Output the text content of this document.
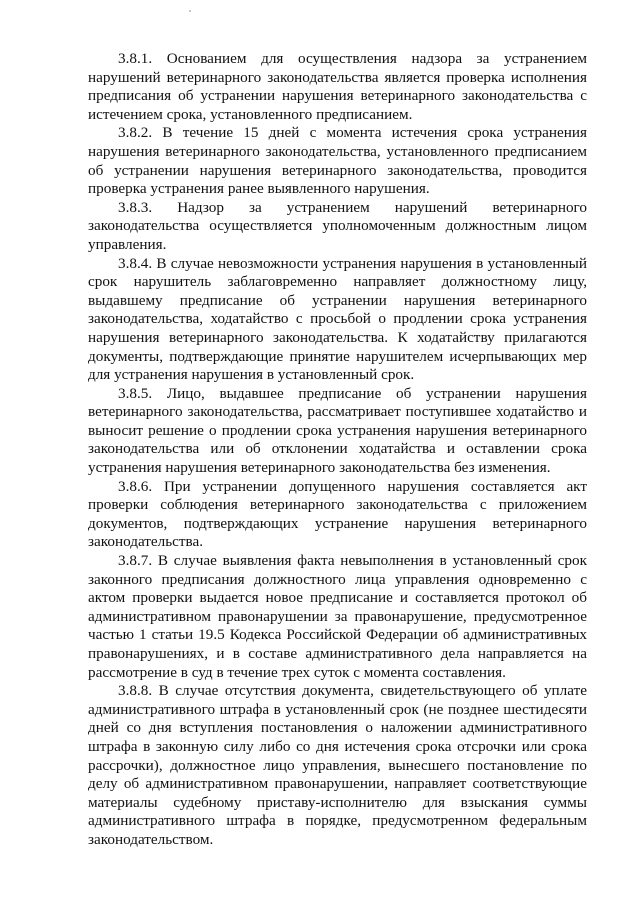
3.8.1. Основанием для осуществления надзора за устранением нарушений ветеринарного законодательства является проверка исполнения предписания об устранении нарушения ветеринарного законодательства с истечением срока, установленного предписанием.

3.8.2. В течение 15 дней с момента истечения срока устранения нарушения ветеринарного законодательства, установленного предписанием об устранении нарушения ветеринарного законодательства, проводится проверка устранения ранее выявленного нарушения.

3.8.3. Надзор за устранением нарушений ветеринарного законодательства осуществляется уполномоченным должностным лицом управления.

3.8.4. В случае невозможности устранения нарушения в установленный срок нарушитель заблаговременно направляет должностному лицу, выдавшему предписание об устранении нарушения ветеринарного законодательства, ходатайство с просьбой о продлении срока устранения нарушения ветеринарного законодательства. К ходатайству прилагаются документы, подтверждающие принятие нарушителем исчерпывающих мер для устранения нарушения в установленный срок.

3.8.5. Лицо, выдавшее предписание об устранении нарушения ветеринарного законодательства, рассматривает поступившее ходатайство и выносит решение о продлении срока устранения нарушения ветеринарного законодательства или об отклонении ходатайства и оставлении срока устранения нарушения ветеринарного законодательства без изменения.

3.8.6. При устранении допущенного нарушения составляется акт проверки соблюдения ветеринарного законодательства с приложением документов, подтверждающих устранение нарушения ветеринарного законодательства.

3.8.7. В случае выявления факта невыполнения в установленный срок законного предписания должностного лица управления одновременно с актом проверки выдается новое предписание и составляется протокол об административном правонарушении за правонарушение, предусмотренное частью 1 статьи 19.5 Кодекса Российской Федерации об административных правонарушениях, и в составе административного дела направляется на рассмотрение в суд в течение трех суток с момента составления.

3.8.8. В случае отсутствия документа, свидетельствующего об уплате административного штрафа в установленный срок (не позднее шестидесяти дней со дня вступления постановления о наложении административного штрафа в законную силу либо со дня истечения срока отсрочки или срока рассрочки), должностное лицо управления, вынесшего постановление по делу об административном правонарушении, направляет соответствующие материалы судебному приставу-исполнителю для взыскания суммы административного штрафа в порядке, предусмотренном федеральным законодательством.
